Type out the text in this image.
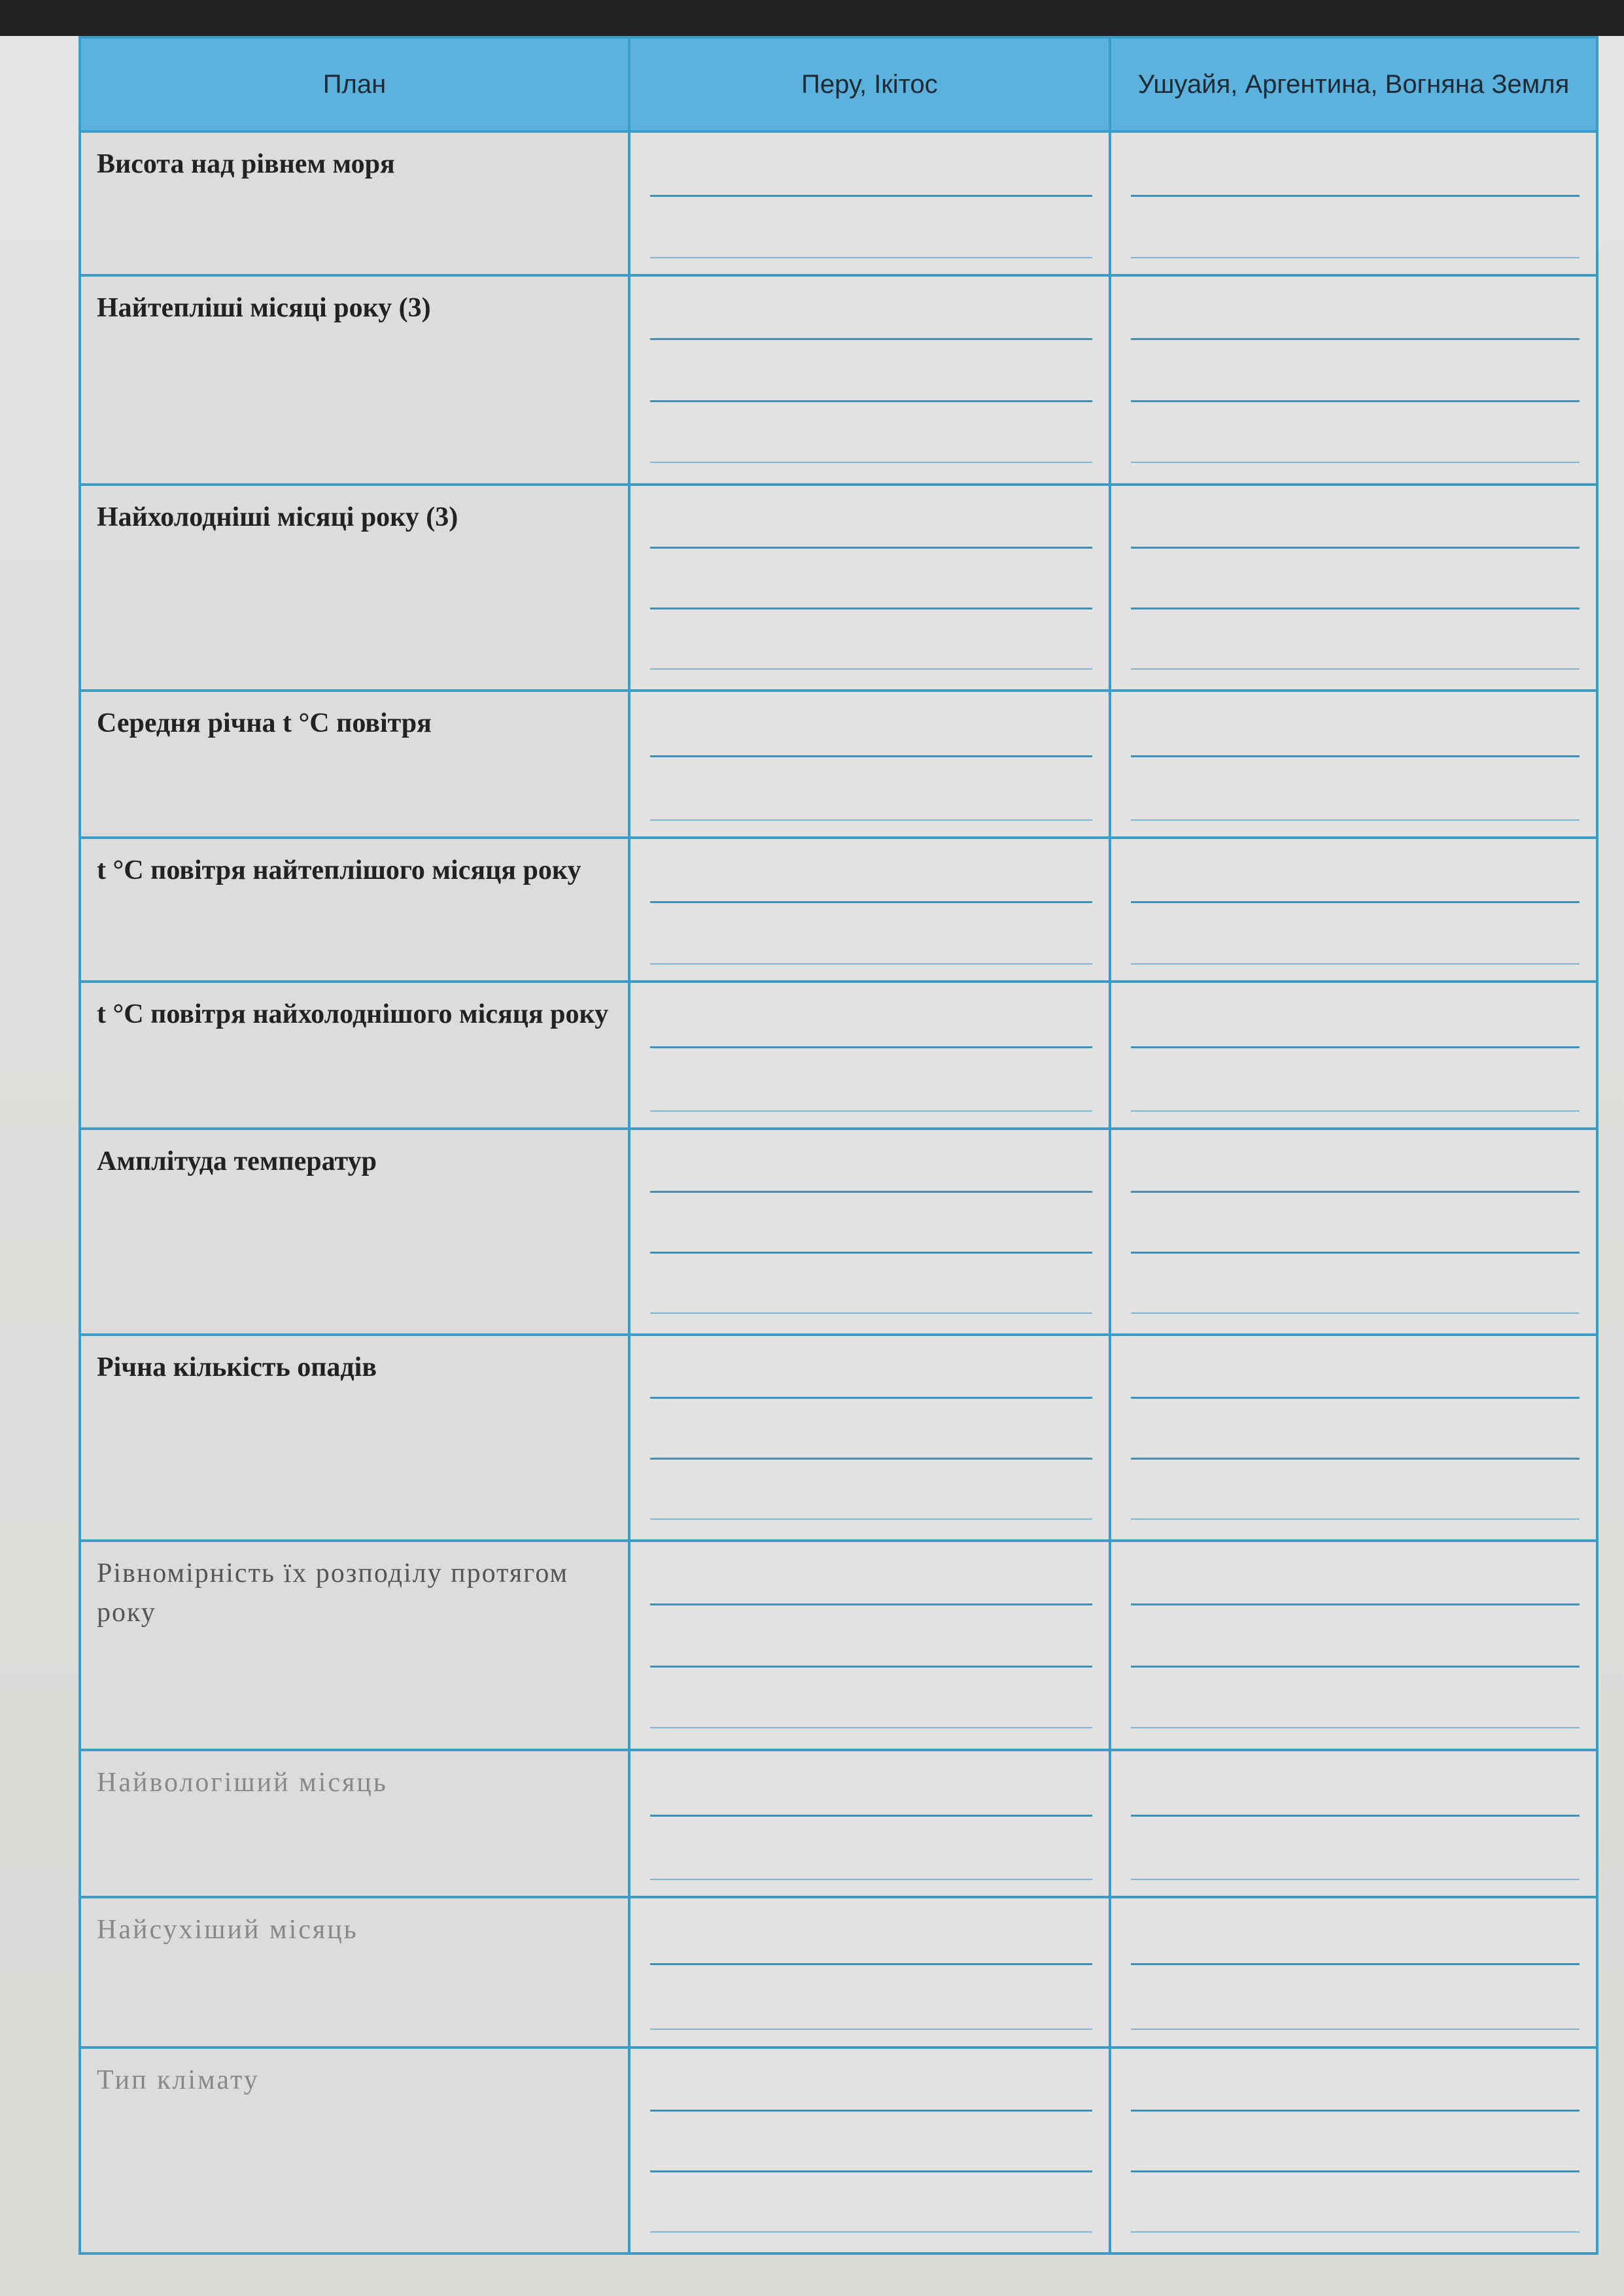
План	Перу, Ікітос	Ушуайя, Аргентина, Вогняна Земля
Висота над рівнем моря	

Найтепліші місяці року (3)	

Найхолодніші місяці року (3)	

Середня річна t °C повітря	

t °C повітря найтеплішого місяця року	

t °C повітря найхолоднішого місяця року	

Амплітуда температур	

Річна кількість опадів	

Рівномірність їх розподілу протягом року	

Найвологіший місяць	

Найсухіший місяць	

Тип клімату	
